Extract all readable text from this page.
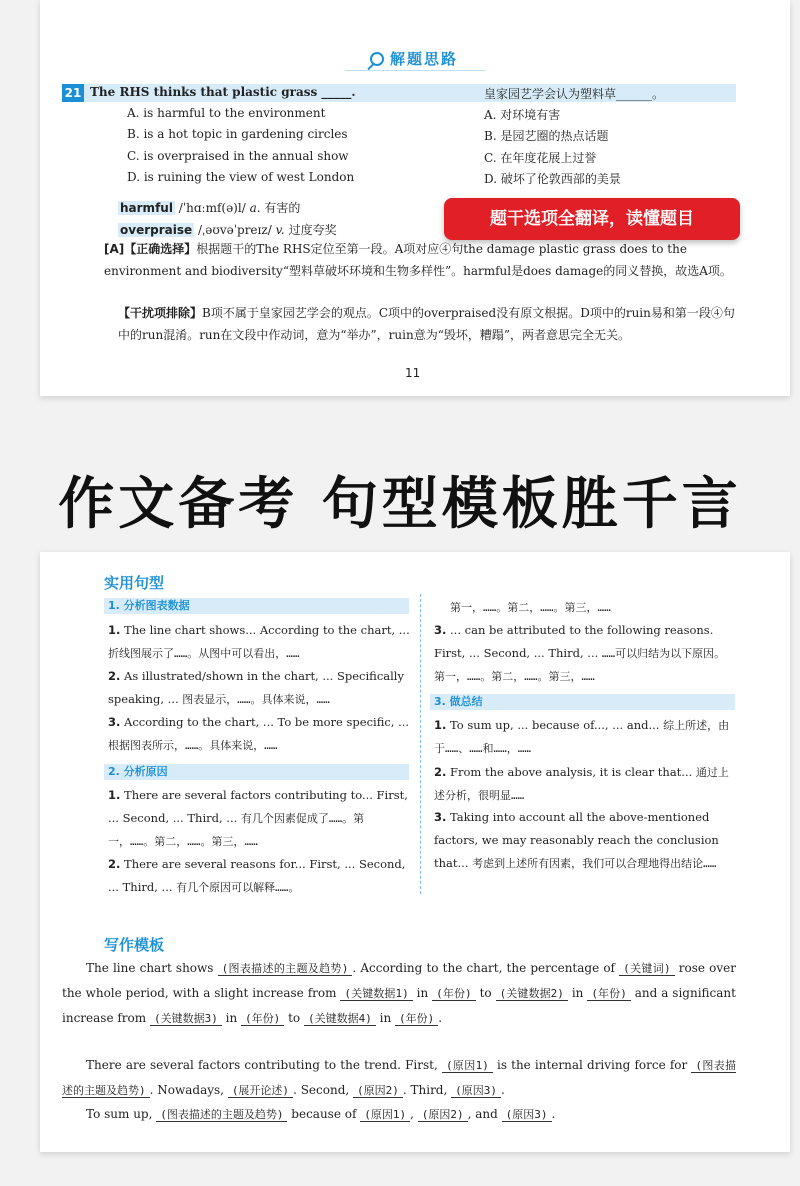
解题思路
21 The RHS thinks that plastic grass _____.	皇家园艺学会认为塑料草______。
A. is harmful to the environment	A. 对环境有害
B. is a hot topic in gardening circles	B. 是园艺圈的热点话题
C. is overpraised in the annual show	C. 在年度花展上过誉
D. is ruining the view of west London	D. 破坏了伦敦西部的美景
harmful /ˈhɑːmf(ə)l/ a. 有害的
overpraise /ˌəʊvəˈpreɪz/ v. 过度夸奖
[A]【正确选择】根据题干的The RHS定位至第一段。A项对应④句the damage plastic grass does to the environment and biodiversity“塑料草破坏环境和生物多样性”。harmful是does damage的同义替换，故选A项。
【干扰项排除】B项不属于皇家园艺学会的观点。C项中的overpraised没有原文根据。D项中的ruin易和第一段④句中的run混淆。run在文段中作动词，意为“举办”，ruin意为“毁坏，糟蹋”，两者意思完全无关。
题干选项全翻译，读懂题目
11
作文备考 句型模板胜千言
实用句型
1. 分析图表数据
1. The line chart shows... According to the chart, ... 折线图展示了……。从图中可以看出，……
2. As illustrated/shown in the chart, ... Specifically speaking, ... 图表显示，……。具体来说，……
3. According to the chart, ... To be more specific, ... 根据图表所示，……。具体来说，……
2. 分析原因
1. There are several factors contributing to... First, ... Second, ... Third, ... 有几个因素促成了……。第一，……。第二，……。第三，……
2. There are several reasons for... First, ... Second, ... Third, ... 有几个原因可以解释……。
第一，……。第二，……。第三，……
3. ... can be attributed to the following reasons. First, ... Second, ... Third, ... ……可以归结为以下原因。第一，……。第二，……。第三，……
3. 做总结
1. To sum up, ... because of..., ... and... 综上所述，由于……、……和……，……
2. From the above analysis, it is clear that... 通过上述分析，很明显……
3. Taking into account all the above-mentioned factors, we may reasonably reach the conclusion that... 考虑到上述所有因素，我们可以合理地得出结论……
写作模板
The line chart shows (图表描述的主题及趋势) . According to the chart, the percentage of (关键词) rose over the whole period, with a slight increase from (关键数据1) in (年份) to (关键数据2) in (年份) and a significant increase from (关键数据3) in (年份) to (关键数据4) in (年份) .
There are several factors contributing to the trend. First, (原因1) is the internal driving force for (图表描述的主题及趋势) . Nowadays, (展开论述) . Second, (原因2) . Third, (原因3) .
To sum up, (图表描述的主题及趋势) because of (原因1) , (原因2) , and (原因3) .
